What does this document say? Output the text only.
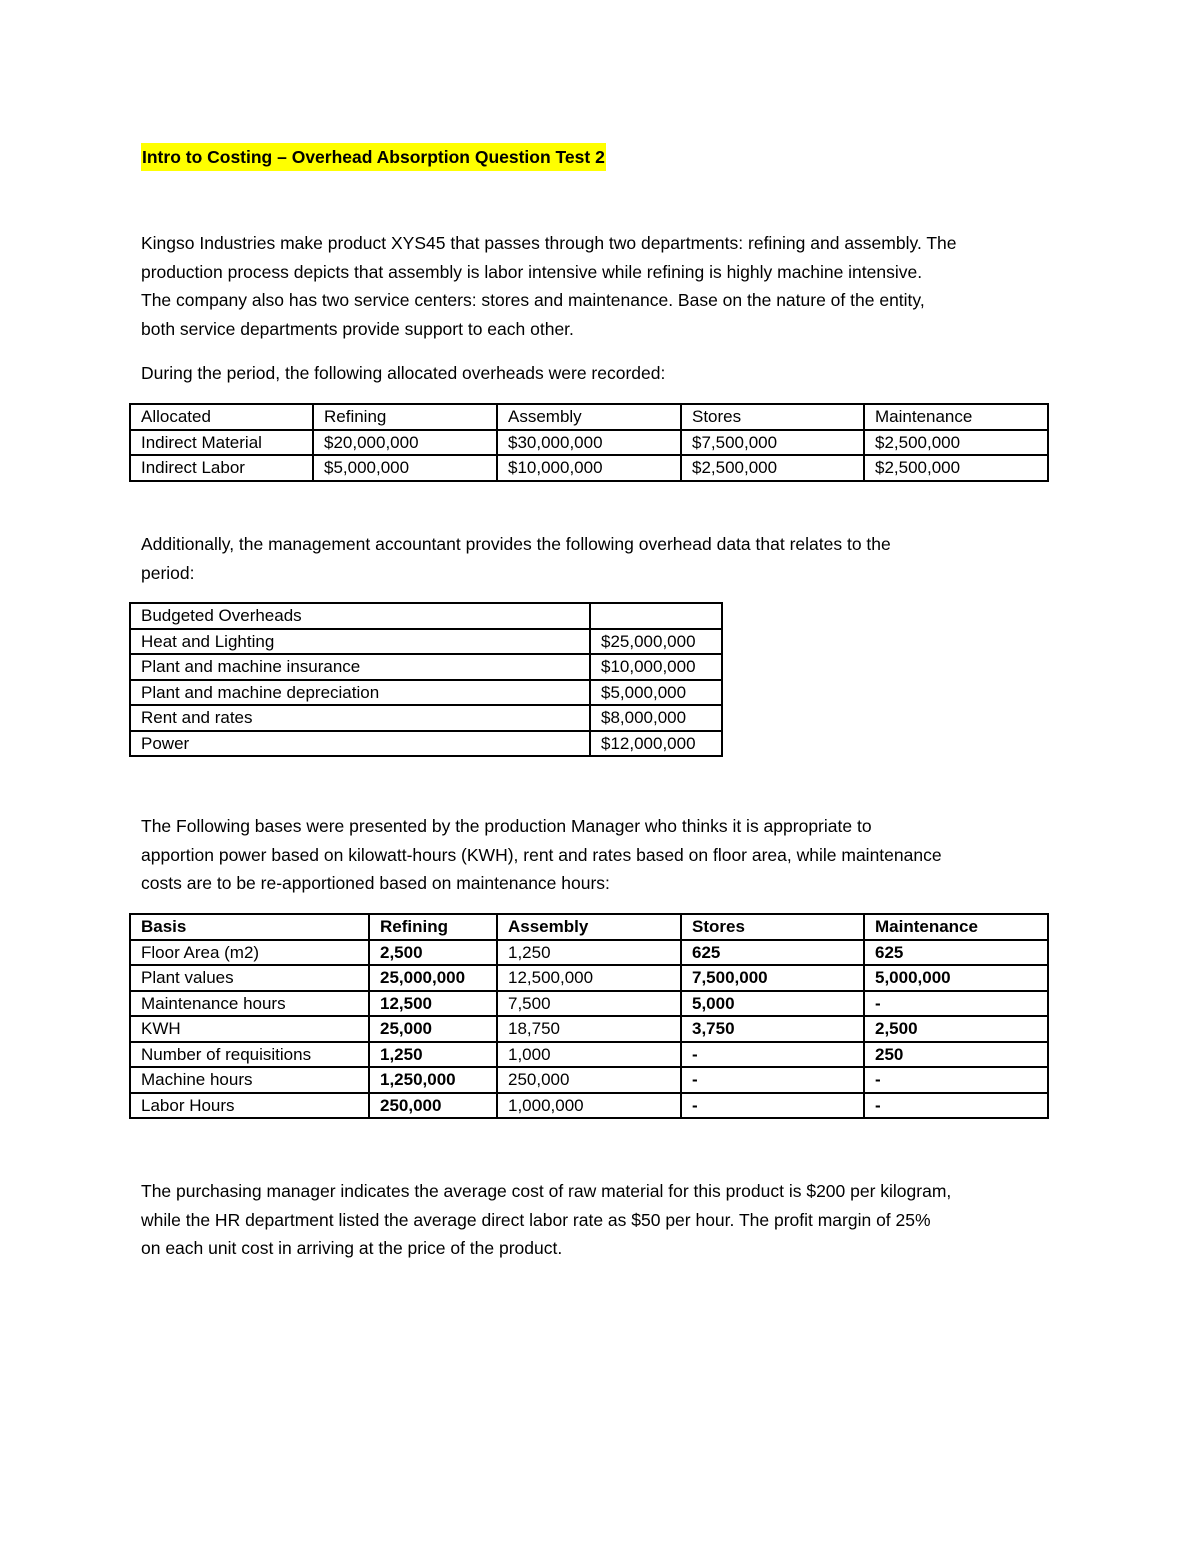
Intro to Costing – Overhead Absorption Question Test 2
Kingso Industries make product XYS45 that passes through two departments: refining and assembly. The
production process depicts that assembly is labor intensive while refining is highly machine intensive.
The company also has two service centers: stores and maintenance. Base on the nature of the entity,
both service departments provide support to each other.
During the period, the following allocated overheads were recorded:
Allocated	Refining	Assembly	Stores	Maintenance
Indirect Material	$20,000,000	$30,000,000	$7,500,000	$2,500,000
Indirect Labor	$5,000,000	$10,000,000	$2,500,000	$2,500,000
Additionally, the management accountant provides the following overhead data that relates to the
period:
Budgeted Overheads	
Heat and Lighting	$25,000,000
Plant and machine insurance	$10,000,000
Plant and machine depreciation	$5,000,000
Rent and rates	$8,000,000
Power	$12,000,000
The Following bases were presented by the production Manager who thinks it is appropriate to
apportion power based on kilowatt-hours (KWH), rent and rates based on floor area, while maintenance
costs are to be re-apportioned based on maintenance hours:
Basis	Refining	Assembly	Stores	Maintenance
Floor Area (m2)	2,500	1,250	625	625
Plant values	25,000,000	12,500,000	7,500,000	5,000,000
Maintenance hours	12,500	7,500	5,000	-
KWH	25,000	18,750	3,750	2,500
Number of requisitions	1,250	1,000	-	250
Machine hours	1,250,000	250,000	-	-
Labor Hours	250,000	1,000,000	-	-
The purchasing manager indicates the average cost of raw material for this product is $200 per kilogram,
while the HR department listed the average direct labor rate as $50 per hour. The profit margin of 25%
on each unit cost in arriving at the price of the product.
